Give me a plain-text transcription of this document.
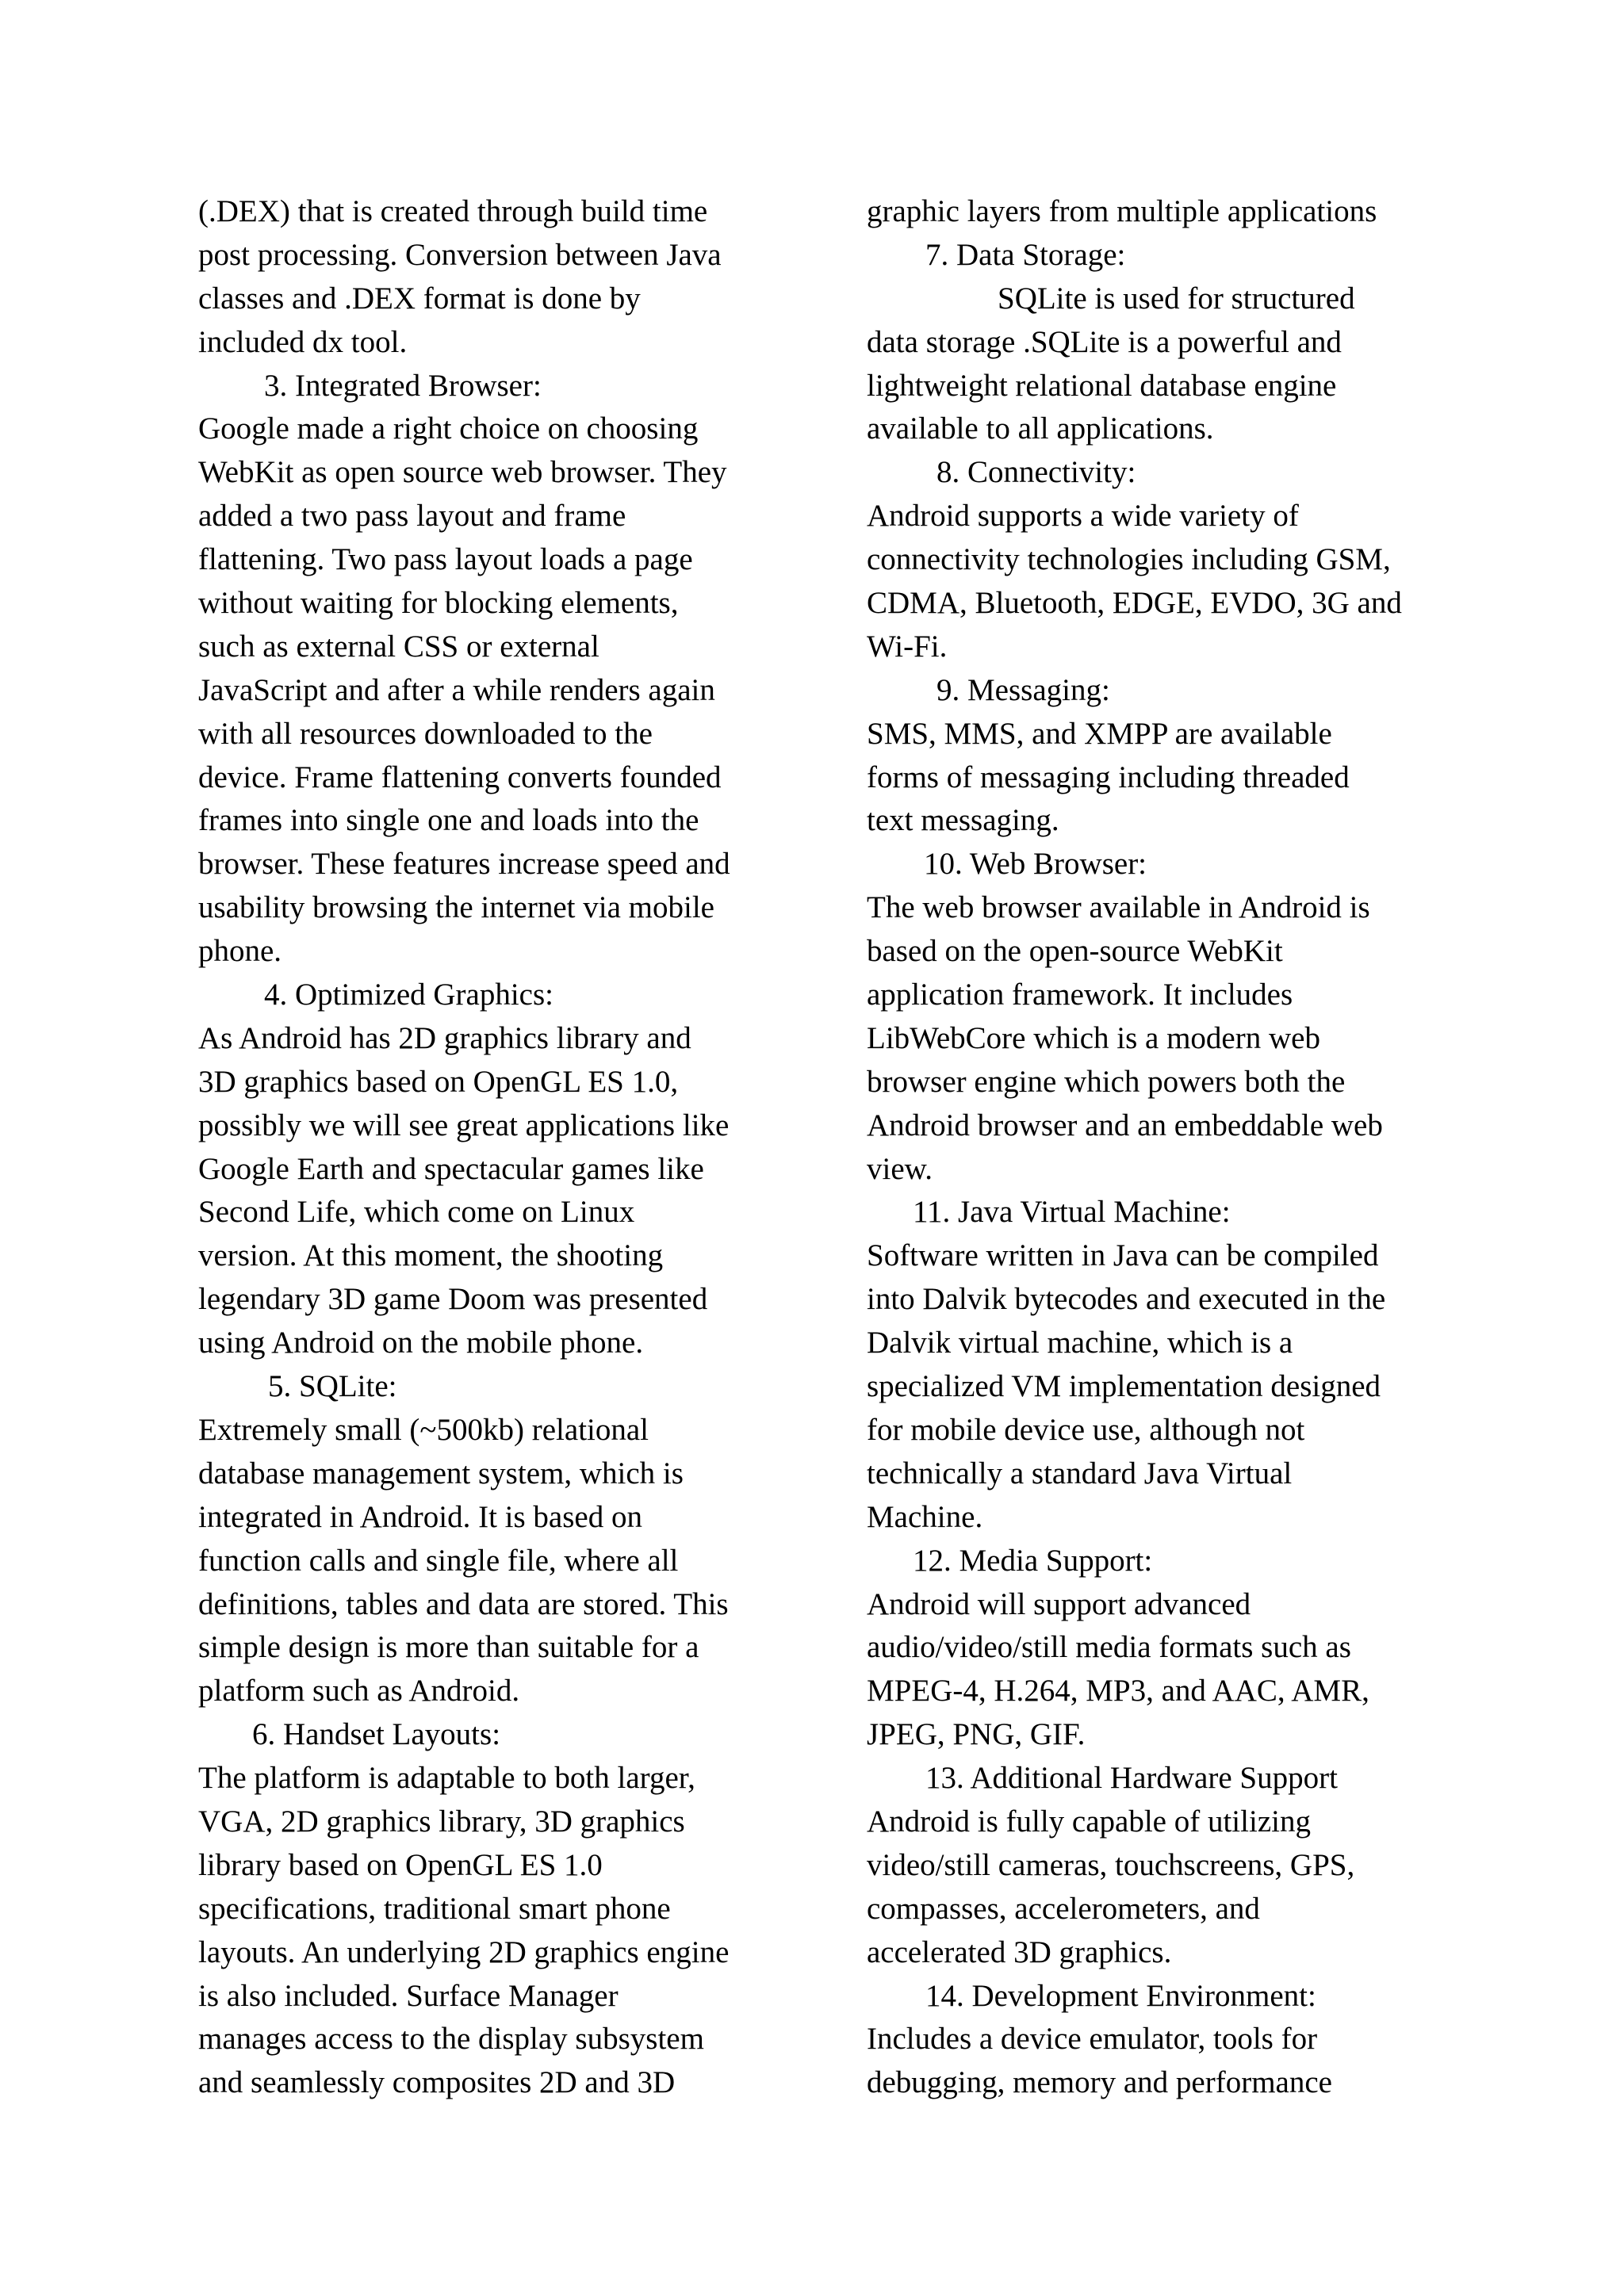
(.DEX) that is created through build time

post processing. Conversion between Java

classes and .DEX format is done by

included dx tool.

3. Integrated Browser:

Google made a right choice on choosing

WebKit as open source web browser. They

added a two pass layout and frame

flattening. Two pass layout loads a page

without waiting for blocking elements,

such as external CSS or external

JavaScript and after a while renders again

with all resources downloaded to the

device. Frame flattening converts founded

frames into single one and loads into the

browser. These features increase speed and

usability browsing the internet via mobile

phone.

4. Optimized Graphics:

As Android has 2D graphics library and

3D graphics based on OpenGL ES 1.0,

possibly we will see great applications like

Google Earth and spectacular games like

Second Life, which come on Linux

version. At this moment, the shooting

legendary 3D game Doom was presented

using Android on the mobile phone.

5. SQLite:

Extremely small (~500kb) relational

database management system, which is

integrated in Android. It is based on

function calls and single file, where all

definitions, tables and data are stored. This

simple design is more than suitable for a

platform such as Android.

6. Handset Layouts:

The platform is adaptable to both larger,

VGA, 2D graphics library, 3D graphics

library based on OpenGL ES 1.0

specifications, traditional smart phone

layouts. An underlying 2D graphics engine

is also included. Surface Manager

manages access to the display subsystem

and seamlessly composites 2D and 3D

graphic layers from multiple applications

7. Data Storage:

SQLite is used for structured

data storage .SQLite is a powerful and

lightweight relational database engine

available to all applications.

8. Connectivity:

Android supports a wide variety of

connectivity technologies including GSM,

CDMA, Bluetooth, EDGE, EVDO, 3G and

Wi-Fi.

9. Messaging:

SMS, MMS, and XMPP are available

forms of messaging including threaded

text messaging.

10. Web Browser:

The web browser available in Android is

based on the open-source WebKit

application framework. It includes

LibWebCore which is a modern web

browser engine which powers both the

Android browser and an embeddable web

view.

11. Java Virtual Machine:

Software written in Java can be compiled

into Dalvik bytecodes and executed in the

Dalvik virtual machine, which is a

specialized VM implementation designed

for mobile device use, although not

technically a standard Java Virtual

Machine.

12. Media Support:

Android will support advanced

audio/video/still media formats such as

MPEG-4, H.264, MP3, and AAC, AMR,

JPEG, PNG, GIF.

13. Additional Hardware Support

Android is fully capable of utilizing

video/still cameras, touchscreens, GPS,

compasses, accelerometers, and

accelerated 3D graphics.

14. Development Environment:

Includes a device emulator, tools for

debugging, memory and performance
